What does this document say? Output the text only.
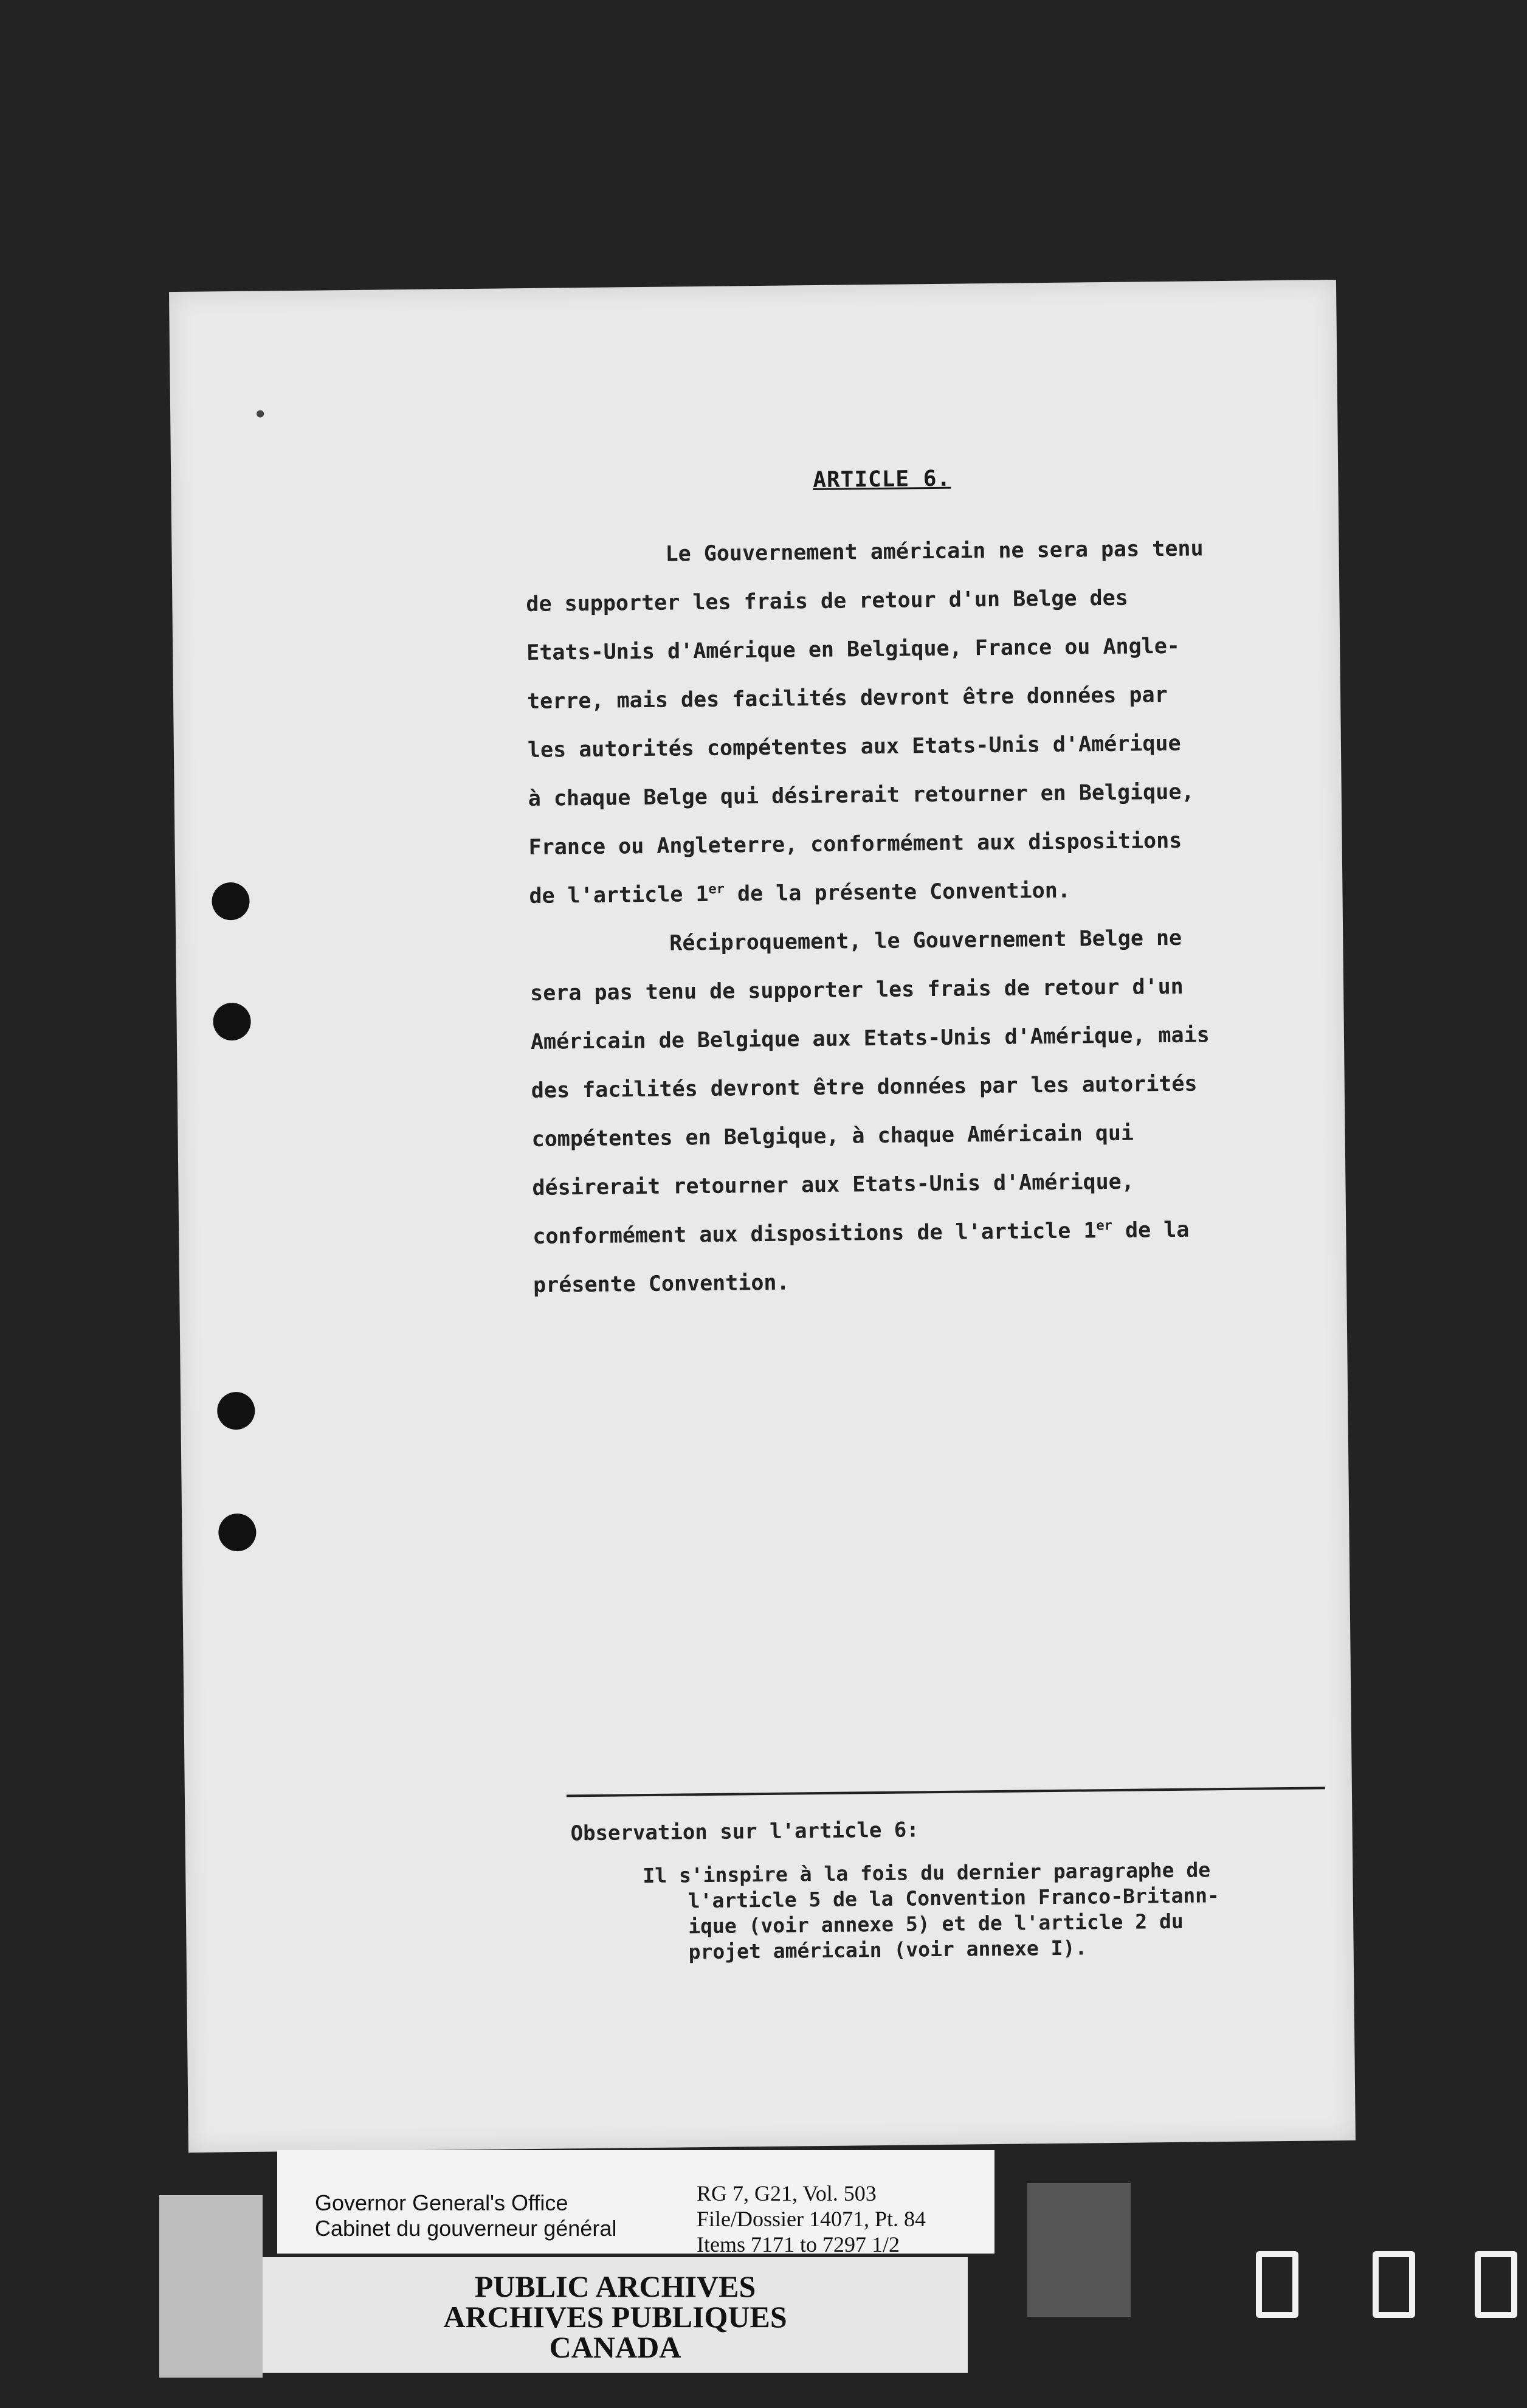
ARTICLE 6.
Le Gouvernement américain ne sera pas tenu
de supporter les frais de retour d'un Belge des
Etats-Unis d'Amérique en Belgique, France ou Angle-
terre, mais des facilités devront être données par
les autorités compétentes aux Etats-Unis d'Amérique
à chaque Belge qui désirerait retourner en Belgique,
France ou Angleterre, conformément aux dispositions
de l'article 1er de la présente Convention.
Réciproquement, le Gouvernement Belge ne
sera pas tenu de supporter les frais de retour d'un
Américain de Belgique aux Etats-Unis d'Amérique, mais
des facilités devront être données par les autorités
compétentes en Belgique, à chaque Américain qui
désirerait retourner aux Etats-Unis d'Amérique,
conformément aux dispositions de l'article 1er de la
présente Convention.
Observation sur l'article 6:
Il s'inspire à la fois du dernier paragraphe de
l'article 5 de la Convention Franco-Britann-
ique (voir annexe 5) et de l'article 2 du
projet américain (voir annexe I).
Governor General's Office
Cabinet du gouverneur général
RG 7, G21, Vol. 503
File/Dossier 14071, Pt. 84
Items 7171 to 7297 1/2
PUBLIC ARCHIVES
ARCHIVES PUBLIQUES
CANADA
